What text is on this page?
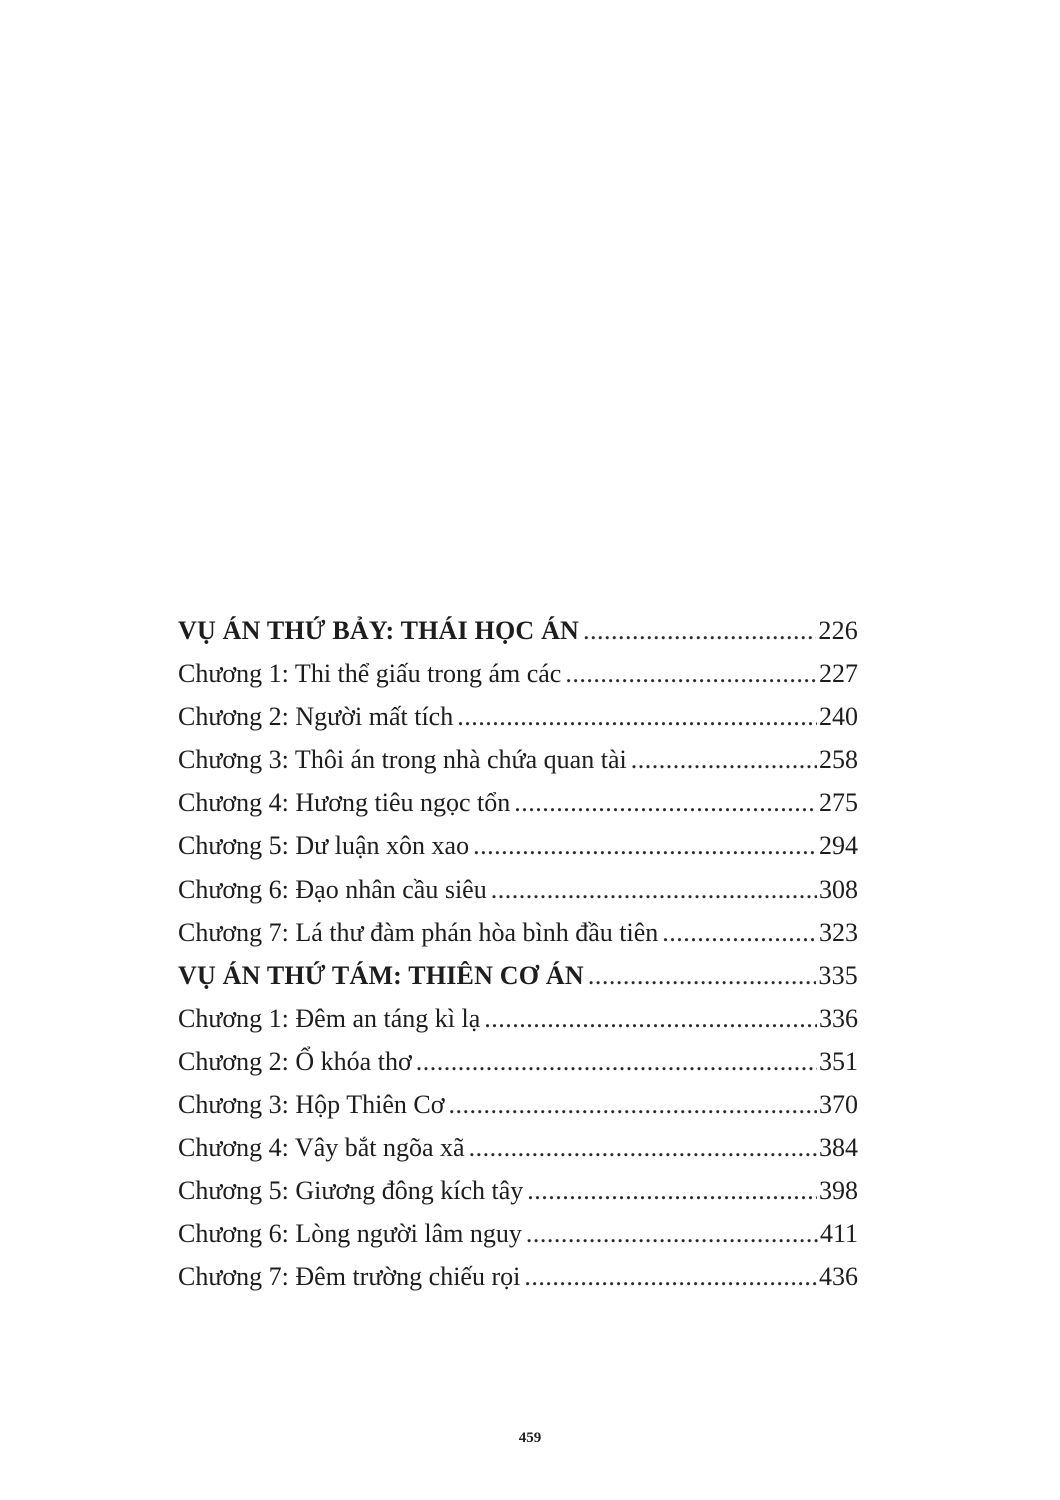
VỤ ÁN THỨ BẢY: THÁI HỌC ÁN .....	226
Chương 1: Thi thể giấu trong ám các .....	227
Chương 2: Người mất tích .....	240
Chương 3: Thôi án trong nhà chứa quan tài .....	258
Chương 4: Hương tiêu ngọc tổn .....	275
Chương 5: Dư luận xôn xao .....	294
Chương 6: Đạo nhân cầu siêu .....	308
Chương 7: Lá thư đàm phán hòa bình đầu tiên .....	323
VỤ ÁN THỨ TÁM: THIÊN CƠ ÁN .....	335
Chương 1: Đêm an táng kì lạ .....	336
Chương 2: Ổ khóa thơ .....	351
Chương 3: Hộp Thiên Cơ .....	370
Chương 4: Vây bắt ngõa xã .....	384
Chương 5: Giương đông kích tây .....	398
Chương 6: Lòng người lâm nguy .....	411
Chương 7: Đêm trường chiếu rọi .....	436
459
